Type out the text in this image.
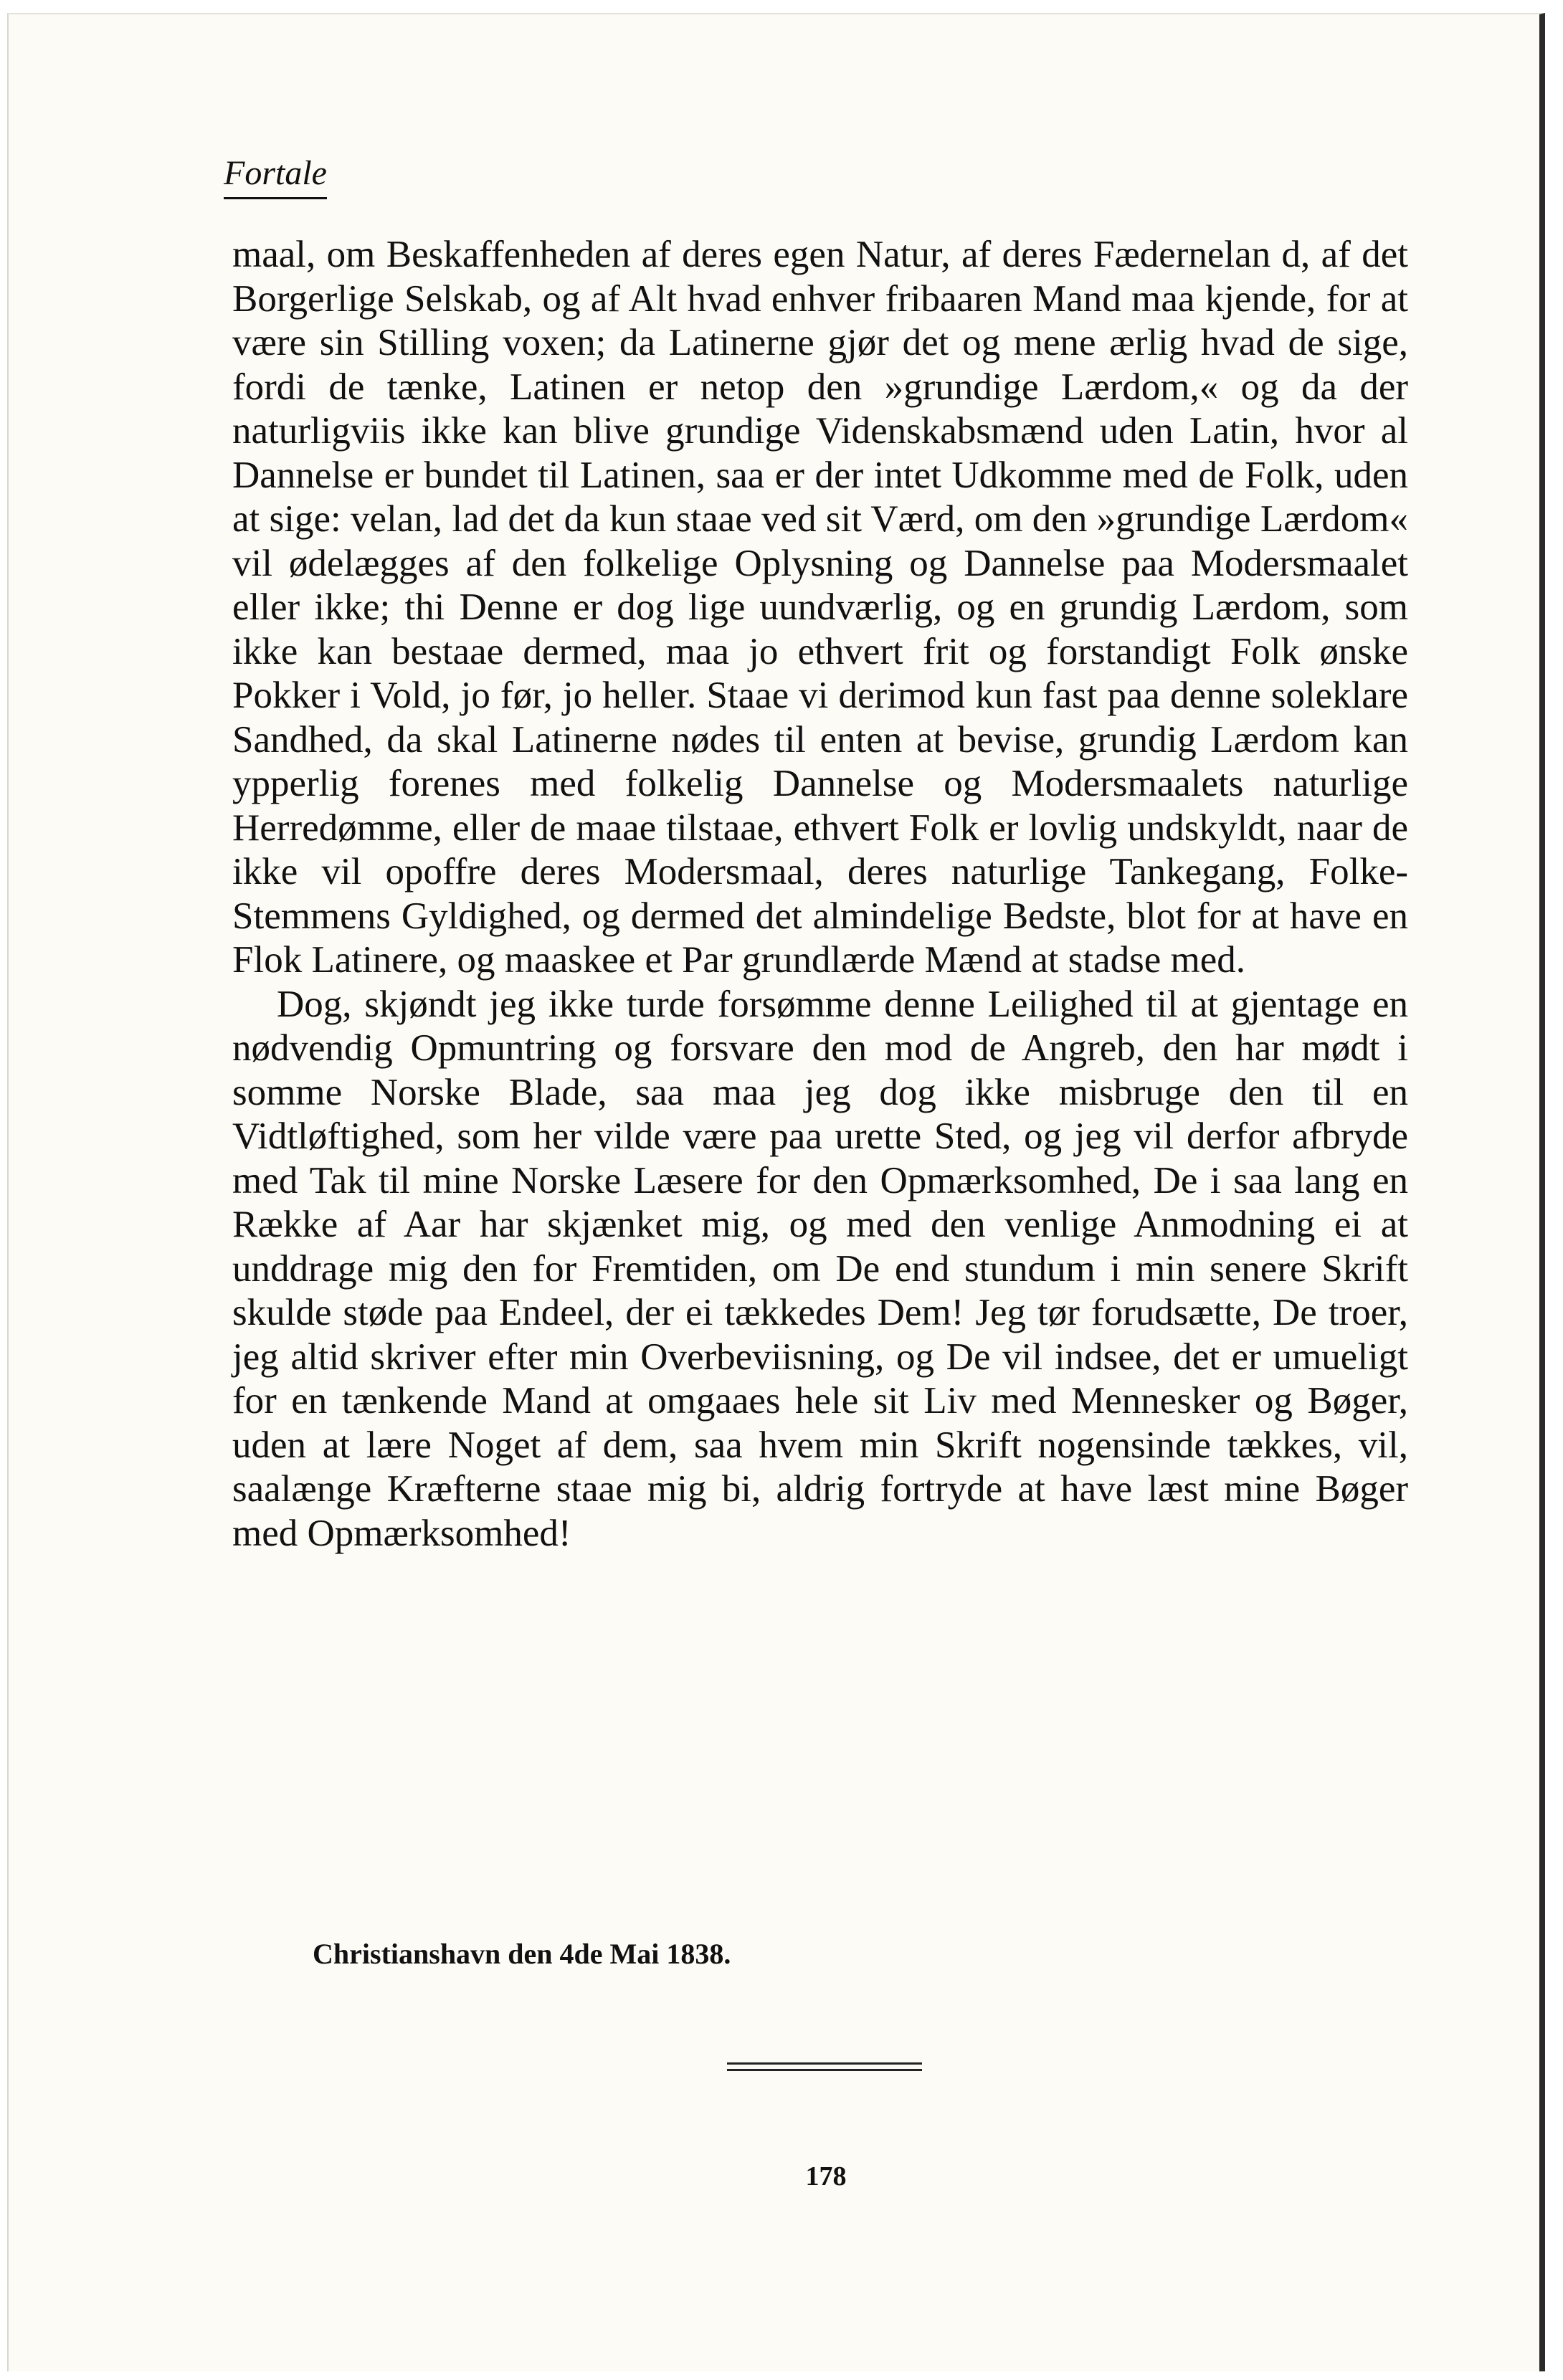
Fortale

maal, om Beskaffenheden af deres egen Natur, af deres Fædernelan d, af det Borgerlige Selskab, og af Alt hvad enhver fribaaren Mand maa kjende, for at være sin Stilling voxen; da Latinerne gjør det og mene ærlig hvad de sige, fordi de tænke, Latinen er netop den »grundige Lærdom,« og da der naturligviis ikke kan blive grundige Videnskabsmænd uden Latin, hvor al Dannelse er bundet til Latinen, saa er der intet Udkomme med de Folk, uden at sige: velan, lad det da kun staae ved sit Værd, om den »grundige Lærdom« vil ødelægges af den folkelige Oplysning og Dannelse paa Modersmaalet eller ikke; thi Denne er dog lige uundværlig, og en grundig Lærdom, som ikke kan bestaae dermed, maa jo ethvert frit og forstandigt Folk ønske Pokker i Vold, jo før, jo heller. Staae vi derimod kun fast paa denne soleklare Sandhed, da skal Latinerne nødes til enten at bevise, grundig Lærdom kan ypperlig forenes med folkelig Dannelse og Modersmaalets naturlige Herredømme, eller de maae tilstaae, ethvert Folk er lovlig undskyldt, naar de ikke vil opoffre deres Modersmaal, deres naturlige Tankegang, Folke-Stemmens Gyldighed, og dermed det almindelige Bedste, blot for at have en Flok Latinere, og maaskee et Par grundlærde Mænd at stadse med.

Dog, skjøndt jeg ikke turde forsømme denne Leilighed til at gjentage en nødvendig Opmuntring og forsvare den mod de Angreb, den har mødt i somme Norske Blade, saa maa jeg dog ikke misbruge den til en Vidtløftighed, som her vilde være paa urette Sted, og jeg vil derfor afbryde med Tak til mine Norske Læsere for den Opmærksomhed, De i saa lang en Række af Aar har skjænket mig, og med den venlige Anmodning ei at unddrage mig den for Fremtiden, om De end stundum i min senere Skrift skulde støde paa Endeel, der ei tækkedes Dem! Jeg tør forudsætte, De troer, jeg altid skriver efter min Overbeviisning, og De vil indsee, det er umueligt for en tænkende Mand at omgaaes hele sit Liv med Mennesker og Bøger, uden at lære Noget af dem, saa hvem min Skrift nogensinde tækkes, vil, saalænge Kræfterne staae mig bi, aldrig fortryde at have læst mine Bøger med Opmærksomhed!

Christianshavn den 4de Mai 1838.
178
